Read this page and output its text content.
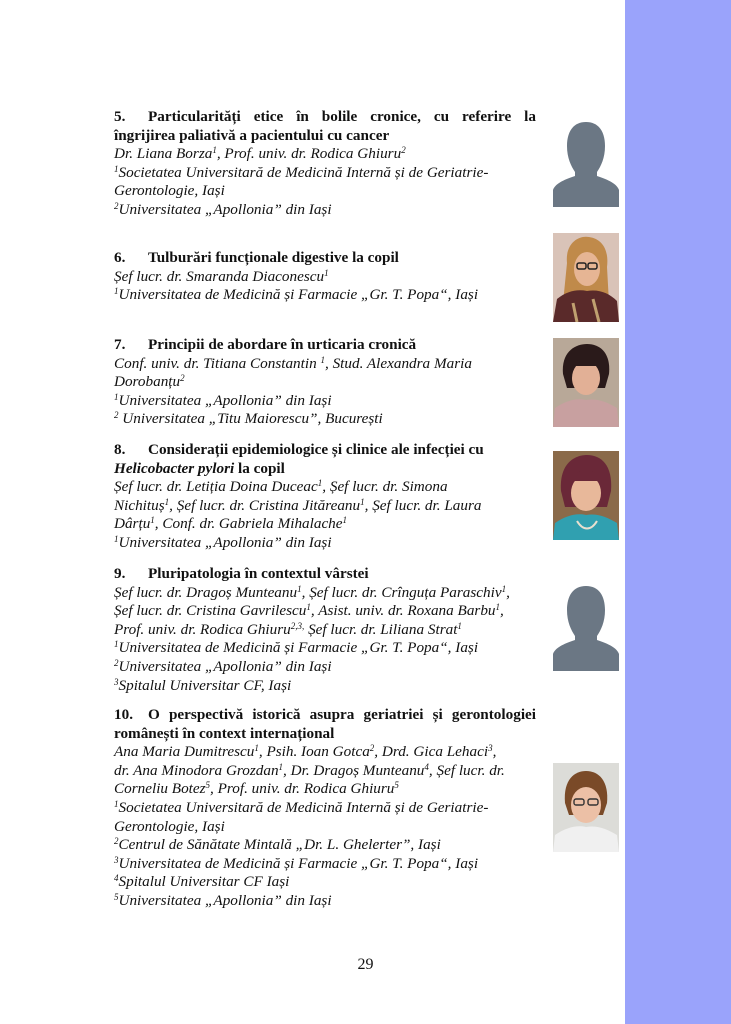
5. Particularități etice în bolile cronice, cu referire la îngrijirea paliativă a pacientului cu cancer
Dr. Liana Borza$^1$, Prof. univ. dr. Rodica Ghiuru$^2$
$^1$Societatea Universitară de Medicină Internă și de Geriatrie-
Gerontologie, Iași
$^2$Universitatea „Apollonia” din Iași
6. Tulburări funcționale digestive la copil
Șef lucr. dr. Smaranda Diaconescu$^1$
$^1$Universitatea de Medicină și Farmacie „Gr. T. Popa“, Iași
7. Principii de abordare în urticaria cronică
Conf. univ. dr. Titiana Constantin $^1$, Stud. Alexandra Maria
Dorobanțu$^2$
$^1$Universitatea „Apollonia” din Iași
$^2$ Universitatea „Titu Maiorescu”, București
8. Considerații epidemiologice și clinice ale infecției cu
Helicobacter pylori la copil
Șef lucr. dr. Letiția Doina Duceac$^1$, Șef lucr. dr. Simona
Nichituș$^1$, Șef lucr. dr. Cristina Jităreanu$^1$, Șef lucr. dr. Laura
Dârțu$^1$, Conf. dr. Gabriela Mihalache$^1$
$^1$Universitatea „Apollonia” din Iași
9. Pluripatologia în contextul vârstei
Șef lucr. dr. Dragoș Munteanu$^1$, Șef lucr. dr. Crînguța Paraschiv$^1$,
Șef lucr. dr. Cristina Gavrilescu$^1$, Asist. univ. dr. Roxana Barbu$^1$,
Prof. univ. dr. Rodica Ghiuru$^{2,3,}$ Șef lucr. dr. Liliana Strat$^1$
$^1$Universitatea de Medicină și Farmacie „Gr. T. Popa“, Iași
$^2$Universitatea „Apollonia” din Iași
$^3$Spitalul Universitar CF, Iași
10. O perspectivă istorică asupra geriatriei și gerontologiei românești în context internațional
Ana Maria Dumitrescu$^1$, Psih. Ioan Gotca$^2$, Drd. Gica Lehaci$^3$,
dr. Ana Minodora Grozdan$^1$, Dr. Dragoș Munteanu$^4$, Șef lucr. dr.
Corneliu Botez$^5$, Prof. univ. dr. Rodica Ghiuru$^5$
$^1$Societatea Universitară de Medicină Internă și de Geriatrie-
Gerontologie, Iași
$^2$Centrul de Sănătate Mintală „Dr. L. Ghelerter”, Iași
$^3$Universitatea de Medicină și Farmacie „Gr. T. Popa“, Iași
$^4$Spitalul Universitar CF Iași
$^5$Universitatea „Apollonia” din Iași
29
